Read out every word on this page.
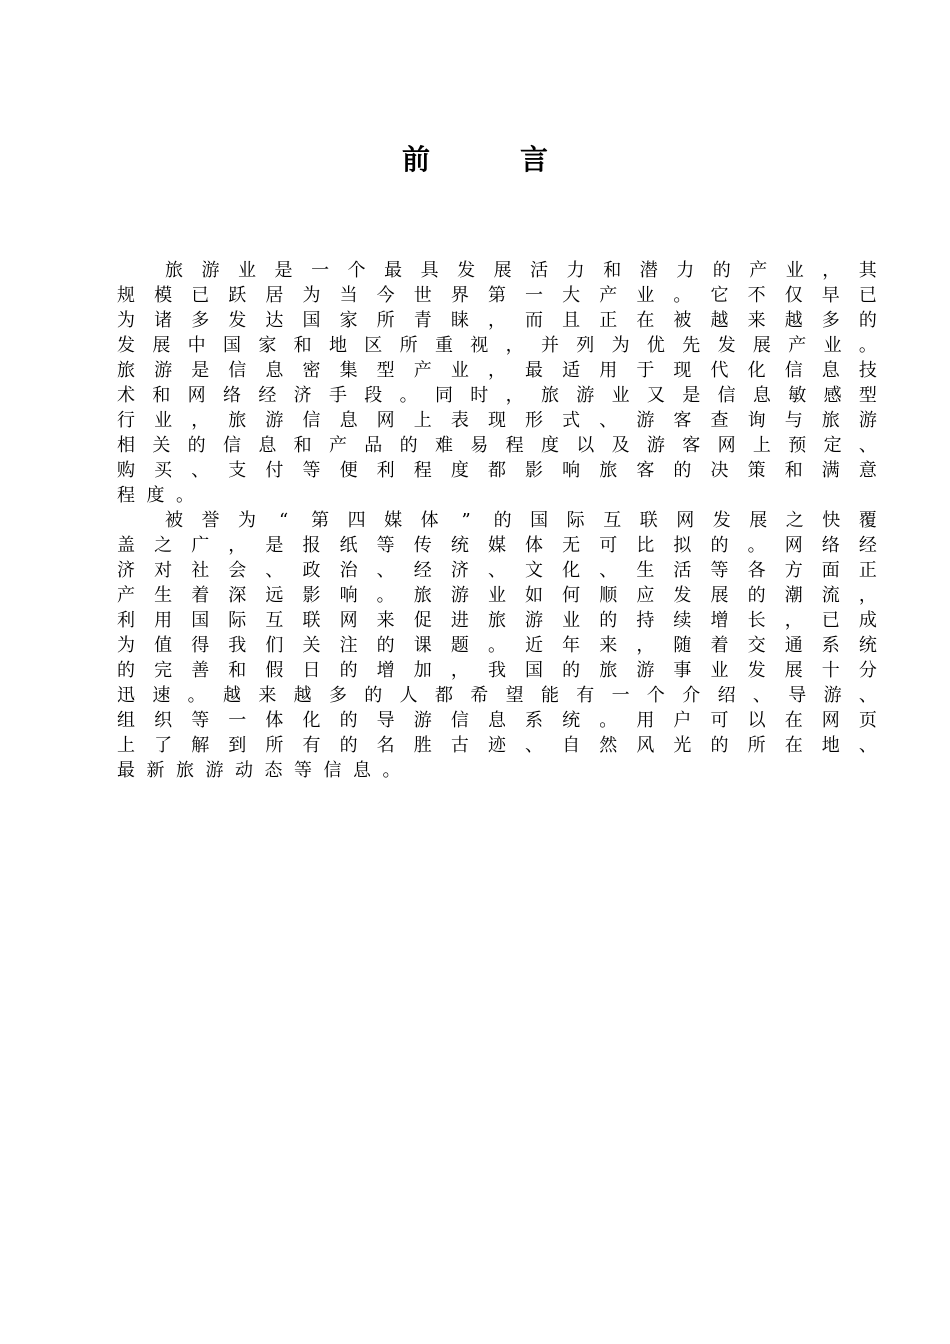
前言
旅 游 业 是 一 个 最 具 发 展 活 力 和 潜 力 的 产 业 ， 其
规 模 已 跃 居 为 当 今 世 界 第 一 大 产 业 。 它 不 仅 早 已
为 诸 多 发 达 国 家 所 青 睐 ， 而 且 正 在 被 越 来 越 多 的
发 展 中 国 家 和 地 区 所 重 视 ， 并 列 为 优 先 发 展 产 业 。
旅 游 是 信 息 密 集 型 产 业 ， 最 适 用 于 现 代 化 信 息 技
术 和 网 络 经 济 手 段 。 同 时 ， 旅 游 业 又 是 信 息 敏 感 型
行 业 ， 旅 游 信 息 网 上 表 现 形 式 、 游 客 查 询 与 旅 游
相 关 的 信 息 和 产 品 的 难 易 程 度 以 及 游 客 网 上 预 定 、
购 买 、 支 付 等 便 利 程 度 都 影 响 旅 客 的 决 策 和 满 意
程 度 。
被 誉 为 “ 第 四 媒 体 ” 的 国 际 互 联 网 发 展 之 快 覆
盖 之 广 ， 是 报 纸 等 传 统 媒 体 无 可 比 拟 的 。 网 络 经
济 对 社 会 、 政 治 、 经 济 、 文 化 、 生 活 等 各 方 面 正
产 生 着 深 远 影 响 。 旅 游 业 如 何 顺 应 发 展 的 潮 流 ，
利 用 国 际 互 联 网 来 促 进 旅 游 业 的 持 续 增 长 ， 已 成
为 值 得 我 们 关 注 的 课 题 。 近 年 来 ， 随 着 交 通 系 统
的 完 善 和 假 日 的 增 加 ， 我 国 的 旅 游 事 业 发 展 十 分
迅 速 。 越 来 越 多 的 人 都 希 望 能 有 一 个 介 绍 、 导 游 、
组 织 等 一 体 化 的 导 游 信 息 系 统 。 用 户 可 以 在 网 页
上 了 解 到 所 有 的 名 胜 古 迹 、 自 然 风 光 的 所 在 地 、
最 新 旅 游 动 态 等 信 息 。
